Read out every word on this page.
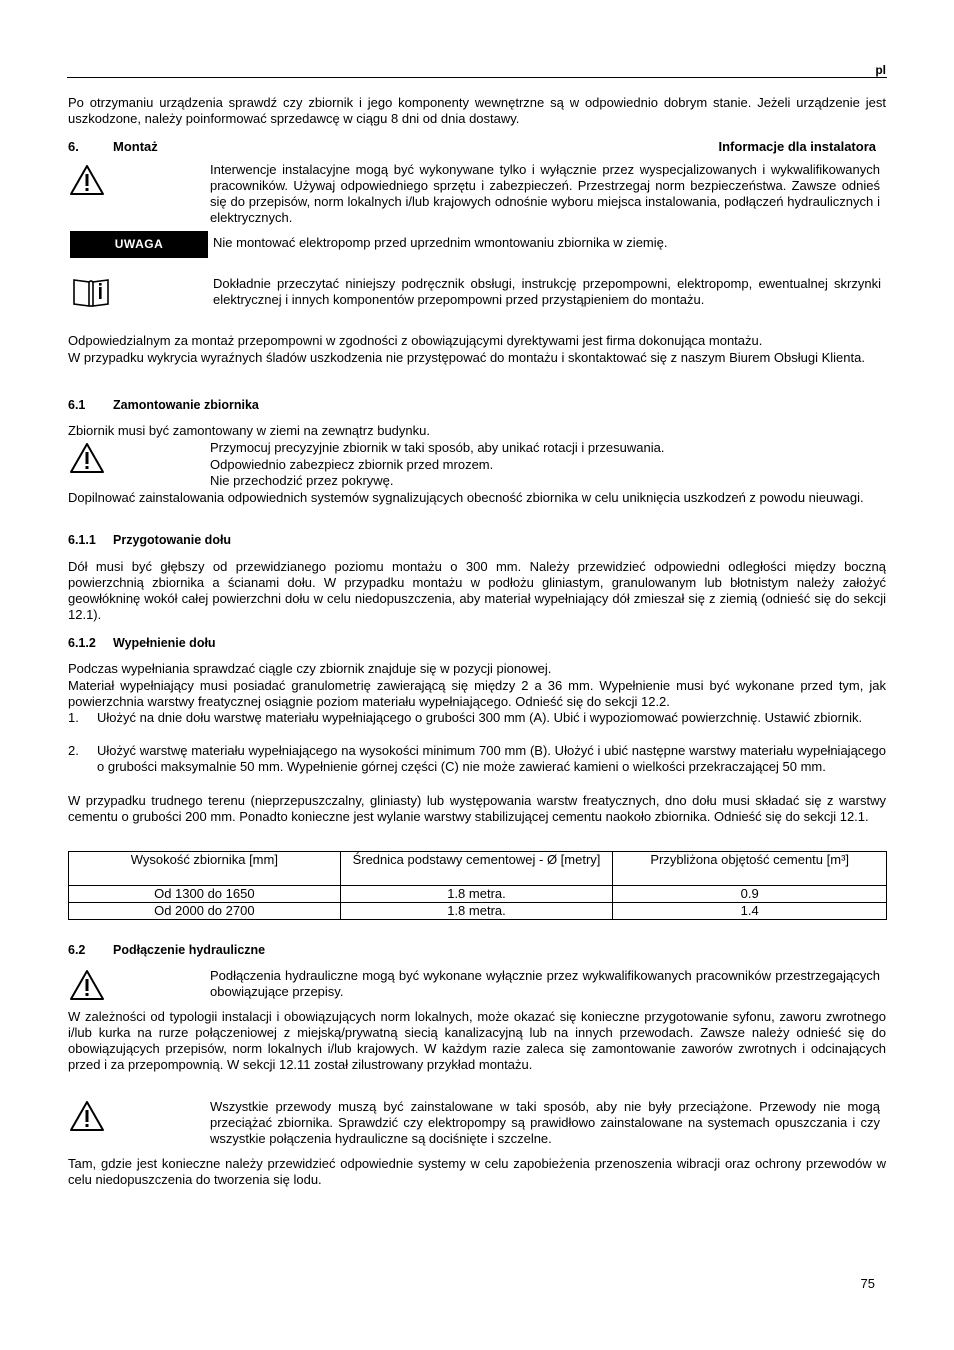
pl
Po otrzymaniu urządzenia sprawdź czy zbiornik i jego komponenty wewnętrzne są w odpowiednio dobrym stanie. Jeżeli urządzenie jest uszkodzone, należy poinformować sprzedawcę w ciągu 8 dni od dnia dostawy.
6.	Montaż	Informacje dla instalatora
Interwencje instalacyjne mogą być wykonywane tylko i wyłącznie przez wyspecjalizowanych i wykwalifikowanych pracowników. Używaj odpowiedniego sprzętu i zabezpieczeń. Przestrzegaj norm bezpieczeństwa. Zawsze odnieś się do przepisów, norm lokalnych i/lub krajowych odnośnie wyboru miejsca instalowania, podłączeń hydraulicznych i elektrycznych.
UWAGA	Nie montować elektropomp przed uprzednim wmontowaniu zbiornika w ziemię.
Dokładnie przeczytać niniejszy podręcznik obsługi, instrukcję przepompowni, elektropomp, ewentualnej skrzynki elektrycznej i innych komponentów przepompowni przed przystąpieniem do montażu.
Odpowiedzialnym za montaż przepompowni w zgodności z obowiązującymi dyrektywami jest firma dokonująca montażu.
W przypadku wykrycia wyraźnych śladów uszkodzenia nie przystępować do montażu i skontaktować się z naszym Biurem Obsługi Klienta.
6.1 Zamontowanie zbiornika
Zbiornik musi być zamontowany w ziemi na zewnątrz budynku.
Przymocuj precyzyjnie zbiornik w taki sposób, aby unikać rotacji i przesuwania.
Odpowiednio zabezpiecz zbiornik przed mrozem.
Nie przechodzić przez pokrywę.
Dopilnować zainstalowania odpowiednich systemów sygnalizujących obecność zbiornika w celu uniknięcia uszkodzeń z powodu nieuwagi.
6.1.1 Przygotowanie dołu
Dół musi być głębszy od przewidzianego poziomu montażu o 300 mm. Należy przewidzieć odpowiedni odległości między boczną powierzchnią zbiornika a ścianami dołu. W przypadku montażu w podłożu gliniastym, granulowanym lub błotnistym należy założyć geowłókninę wokół całej powierzchni dołu w celu niedopuszczenia, aby materiał wypełniający dół zmieszał się z ziemią (odnieść się do sekcji 12.1).
6.1.2 Wypełnienie dołu
Podczas wypełniania sprawdzać ciągle czy zbiornik znajduje się w pozycji pionowej.
Materiał wypełniający musi posiadać granulometrię zawierającą się między 2 a 36 mm. Wypełnienie musi być wykonane przed tym, jak powierzchnia warstwy freatycznej osiągnie poziom materiału wypełniającego. Odnieść się do sekcji 12.2.
1. Ułożyć na dnie dołu warstwę materiału wypełniającego o grubości 300 mm (A). Ubić i wypoziomować powierzchnię. Ustawić zbiornik.
2. Ułożyć warstwę materiału wypełniającego na wysokości minimum 700 mm (B). Ułożyć i ubić następne warstwy materiału wypełniającego o grubości maksymalnie 50 mm. Wypełnienie górnej części (C) nie może zawierać kamieni o wielkości przekraczającej 50 mm.
W przypadku trudnego terenu (nieprzepuszczalny, gliniasty) lub występowania warstw freatycznych, dno dołu musi składać się z warstwy cementu o grubości 200 mm. Ponadto konieczne jest wylanie warstwy stabilizującej cementu naokoło zbiornika. Odnieść się do sekcji 12.1.
Wysokość zbiornika [mm]	Średnica podstawy cementowej - Ø [metry]	Przybliżona objętość cementu [m³]
Od 1300 do 1650	1.8 metra.	0.9
Od 2000 do 2700	1.8 metra.	1.4
6.2 Podłączenie hydrauliczne
Podłączenia hydrauliczne mogą być wykonane wyłącznie przez wykwalifikowanych pracowników przestrzegających obowiązujące przepisy.
W zależności od typologii instalacji i obowiązujących norm lokalnych, może okazać się konieczne przygotowanie syfonu, zaworu zwrotnego i/lub kurka na rurze połączeniowej z miejską/prywatną siecią kanalizacyjną lub na innych przewodach. Zawsze należy odnieść się do obowiązujących przepisów, norm lokalnych i/lub krajowych. W każdym razie zaleca się zamontowanie zaworów zwrotnych i odcinających przed i za przepompownią. W sekcji 12.11 został zilustrowany przykład montażu.
Wszystkie przewody muszą być zainstalowane w taki sposób, aby nie były przeciążone. Przewody nie mogą przeciążać zbiornika. Sprawdzić czy elektropompy są prawidłowo zainstalowane na systemach opuszczania i czy wszystkie połączenia hydrauliczne są dociśnięte i szczelne.
Tam, gdzie jest konieczne należy przewidzieć odpowiednie systemy w celu zapobieżenia przenoszenia wibracji oraz ochrony przewodów w celu niedopuszczenia do tworzenia się lodu.
75
